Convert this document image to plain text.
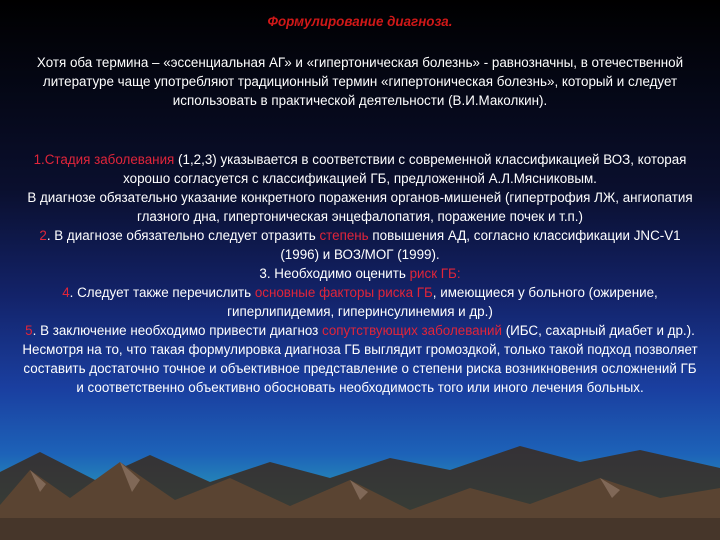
Формулирование диагноза.
Хотя оба термина – «эссенциальная АГ» и «гипертоническая болезнь» - равнозначны, в отечественной литературе чаще употребляют традиционный термин «гипертоническая болезнь», который и следует использовать в практической деятельности (В.И.Маколкин).
1.Стадия заболевания (1,2,3) указывается в соответствии с современной классификацией ВОЗ, которая хорошо согласуется с классификацией ГБ, предложенной А.Л.Мясниковым.
В диагнозе обязательно указание конкретного поражения органов-мишеней (гипертрофия ЛЖ, ангиопатия глазного дна, гипертоническая энцефалопатия, поражение почек и т.п.)
2. В диагнозе обязательно следует отразить степень повышения АД, согласно классификации JNC-V1 (1996) и ВОЗ/МОГ (1999).
3. Необходимо оценить риск ГБ:
4. Следует также перечислить основные факторы риска ГБ, имеющиеся у больного (ожирение, гиперлипидемия, гиперинсулинемия и др.)
5. В заключение необходимо привести диагноз сопутствующих заболеваний (ИБС, сахарный диабет и др.).
Несмотря на то, что такая формулировка диагноза ГБ выглядит громоздкой, только такой подход позволяет составить достаточно точное и объективное представление о степени риска возникновения осложнений ГБ и соответственно объективно обосновать необходимость того или иного лечения больных.
